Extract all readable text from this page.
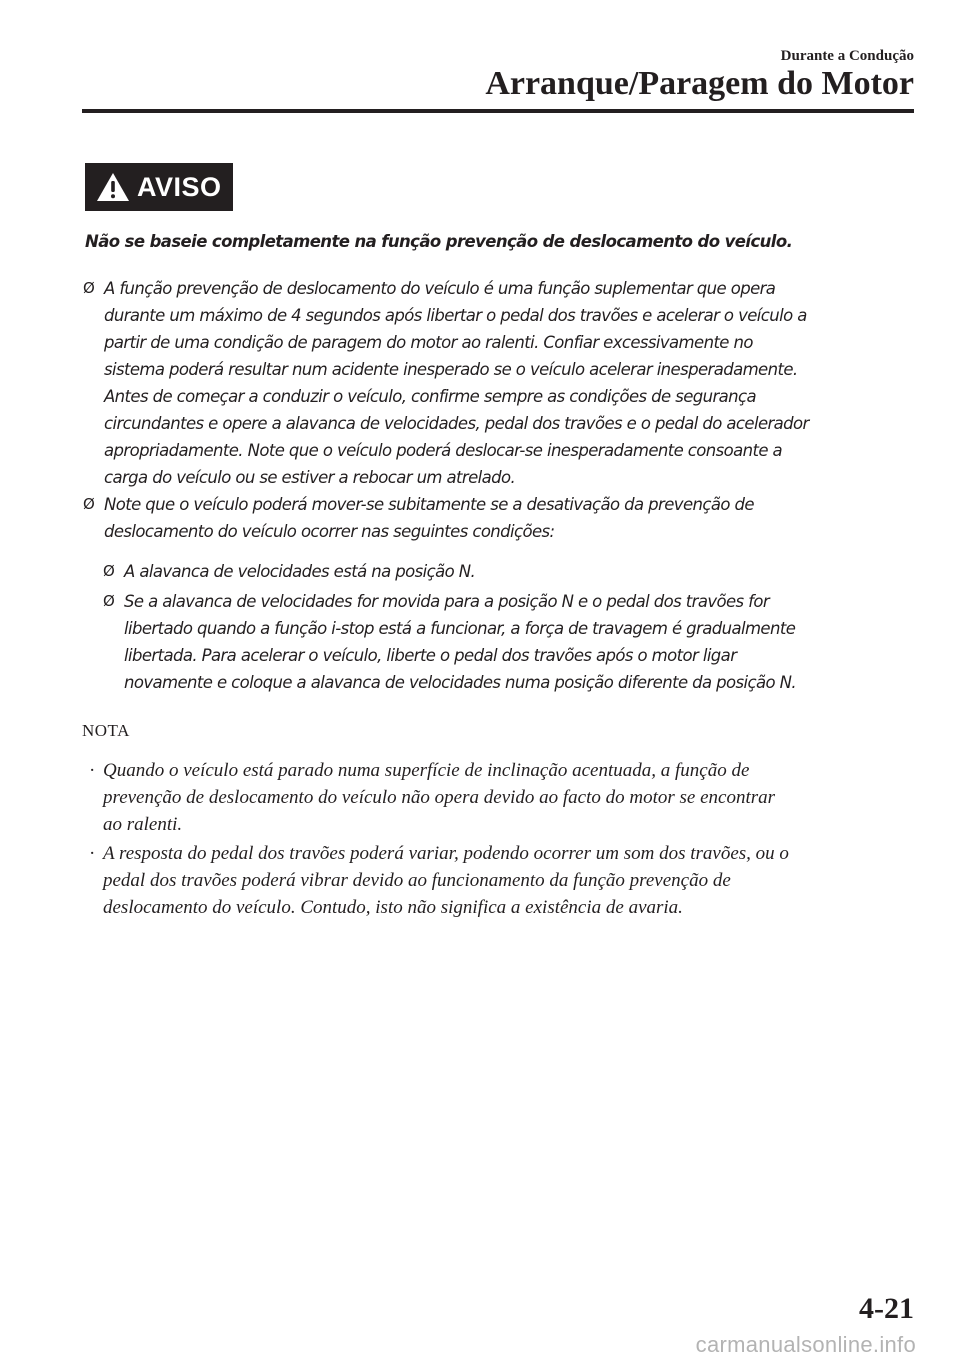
Durante a Condução
Arranque/Paragem do Motor
AVISO

Não se baseie completamente na função prevenção de deslocamento do veículo.

Ø A função prevenção de deslocamento do veículo é uma função suplementar que opera
durante um máximo de 4 segundos após libertar o pedal dos travões e acelerar o veículo a
partir de uma condição de paragem do motor ao ralenti. Confiar excessivamente no
sistema poderá resultar num acidente inesperado se o veículo acelerar inesperadamente.
Antes de começar a conduzir o veículo, confirme sempre as condições de segurança
circundantes e opere a alavanca de velocidades, pedal dos travões e o pedal do acelerador
apropriadamente. Note que o veículo poderá deslocar-se inesperadamente consoante a
carga do veículo ou se estiver a rebocar um atrelado.
Ø Note que o veículo poderá mover-se subitamente se a desativação da prevenção de
deslocamento do veículo ocorrer nas seguintes condições:
Ø A alavanca de velocidades está na posição N.
Ø Se a alavanca de velocidades for movida para a posição N e o pedal dos travões for
libertado quando a função i-stop está a funcionar, a força de travagem é gradualmente
libertada. Para acelerar o veículo, liberte o pedal dos travões após o motor ligar
novamente e coloque a alavanca de velocidades numa posição diferente da posição N.
NOTA
· Quando o veículo está parado numa superfície de inclinação acentuada, a função de
prevenção de deslocamento do veículo não opera devido ao facto do motor se encontrar
ao ralenti.
· A resposta do pedal dos travões poderá variar, podendo ocorrer um som dos travões, ou o
pedal dos travões poderá vibrar devido ao funcionamento da função prevenção de
deslocamento do veículo. Contudo, isto não significa a existência de avaria.
4-21
carmanualsonline.info
